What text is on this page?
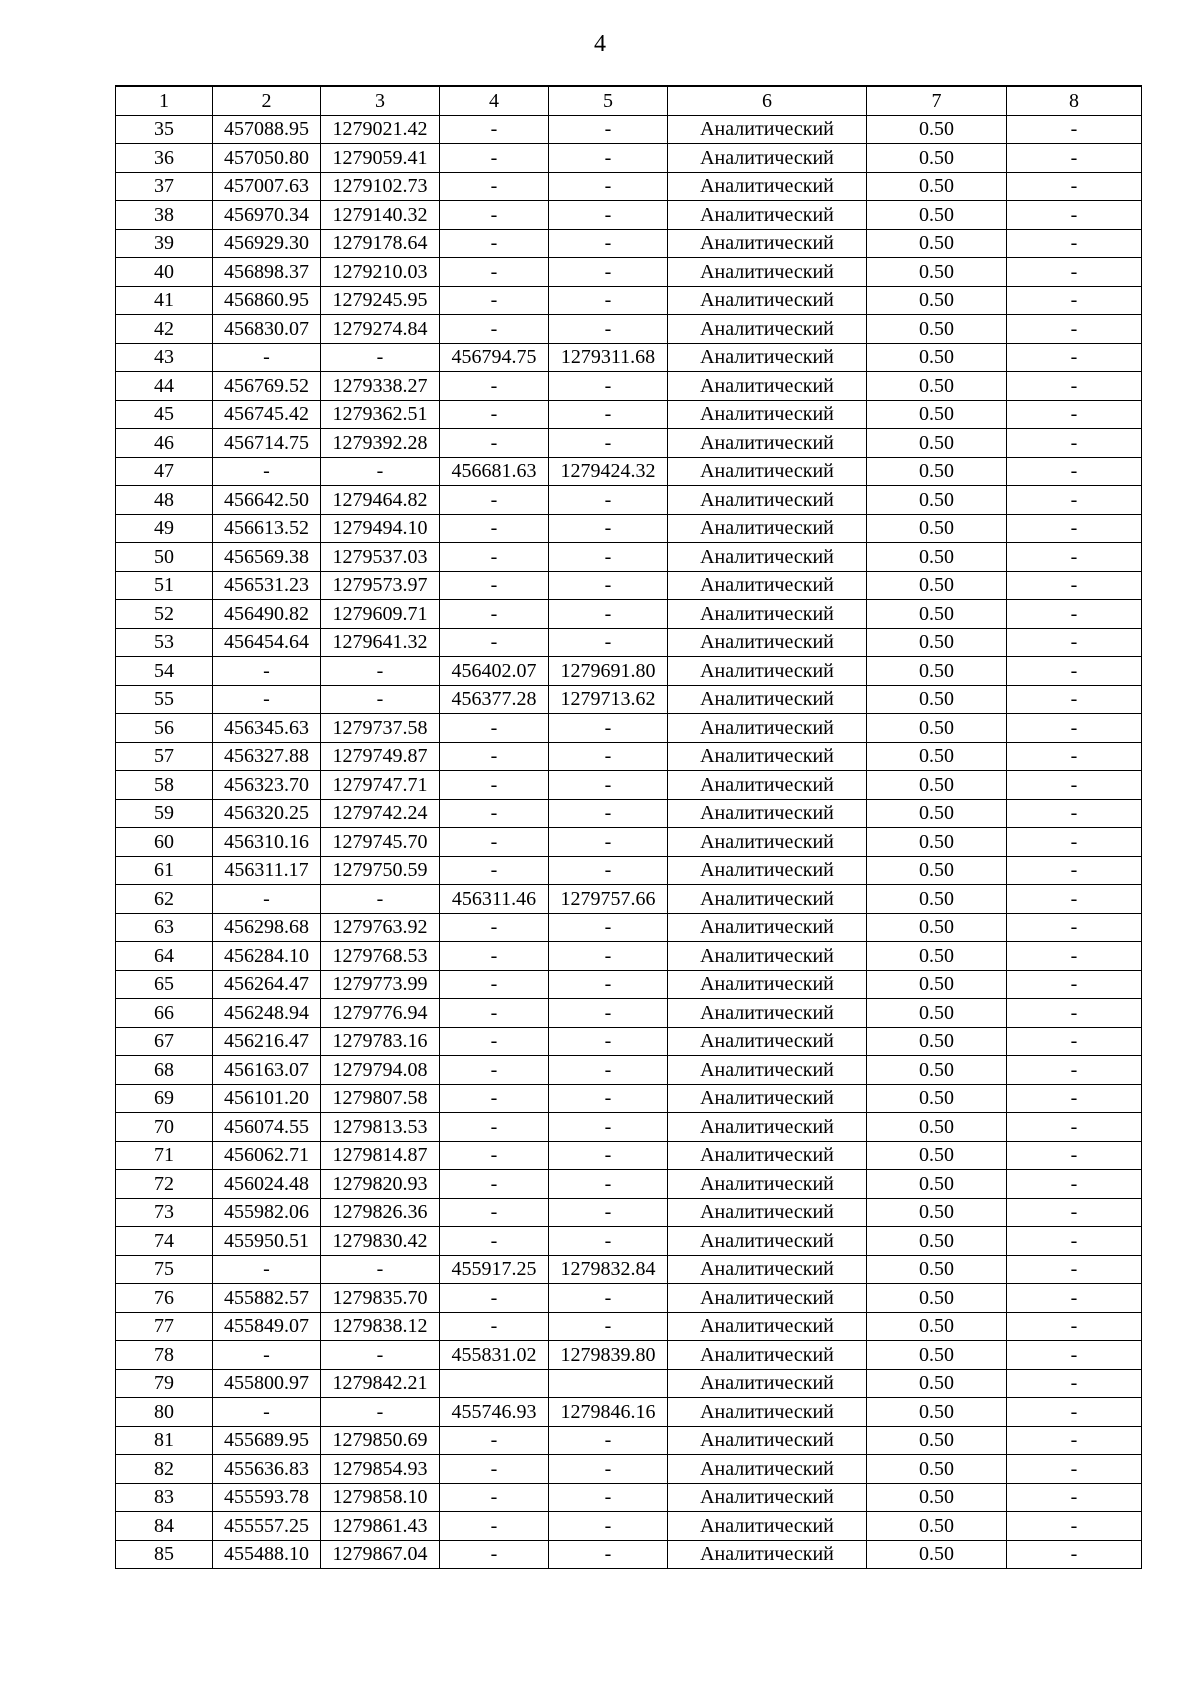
4
1	2	3	4	5	6	7	8
35	457088.95	1279021.42	-	-	Аналитический	0.50	-
36	457050.80	1279059.41	-	-	Аналитический	0.50	-
37	457007.63	1279102.73	-	-	Аналитический	0.50	-
38	456970.34	1279140.32	-	-	Аналитический	0.50	-
39	456929.30	1279178.64	-	-	Аналитический	0.50	-
40	456898.37	1279210.03	-	-	Аналитический	0.50	-
41	456860.95	1279245.95	-	-	Аналитический	0.50	-
42	456830.07	1279274.84	-	-	Аналитический	0.50	-
43	-	-	456794.75	1279311.68	Аналитический	0.50	-
44	456769.52	1279338.27	-	-	Аналитический	0.50	-
45	456745.42	1279362.51	-	-	Аналитический	0.50	-
46	456714.75	1279392.28	-	-	Аналитический	0.50	-
47	-	-	456681.63	1279424.32	Аналитический	0.50	-
48	456642.50	1279464.82	-	-	Аналитический	0.50	-
49	456613.52	1279494.10	-	-	Аналитический	0.50	-
50	456569.38	1279537.03	-	-	Аналитический	0.50	-
51	456531.23	1279573.97	-	-	Аналитический	0.50	-
52	456490.82	1279609.71	-	-	Аналитический	0.50	-
53	456454.64	1279641.32	-	-	Аналитический	0.50	-
54	-	-	456402.07	1279691.80	Аналитический	0.50	-
55	-	-	456377.28	1279713.62	Аналитический	0.50	-
56	456345.63	1279737.58	-	-	Аналитический	0.50	-
57	456327.88	1279749.87	-	-	Аналитический	0.50	-
58	456323.70	1279747.71	-	-	Аналитический	0.50	-
59	456320.25	1279742.24	-	-	Аналитический	0.50	-
60	456310.16	1279745.70	-	-	Аналитический	0.50	-
61	456311.17	1279750.59	-	-	Аналитический	0.50	-
62	-	-	456311.46	1279757.66	Аналитический	0.50	-
63	456298.68	1279763.92	-	-	Аналитический	0.50	-
64	456284.10	1279768.53	-	-	Аналитический	0.50	-
65	456264.47	1279773.99	-	-	Аналитический	0.50	-
66	456248.94	1279776.94	-	-	Аналитический	0.50	-
67	456216.47	1279783.16	-	-	Аналитический	0.50	-
68	456163.07	1279794.08	-	-	Аналитический	0.50	-
69	456101.20	1279807.58	-	-	Аналитический	0.50	-
70	456074.55	1279813.53	-	-	Аналитический	0.50	-
71	456062.71	1279814.87	-	-	Аналитический	0.50	-
72	456024.48	1279820.93	-	-	Аналитический	0.50	-
73	455982.06	1279826.36	-	-	Аналитический	0.50	-
74	455950.51	1279830.42	-	-	Аналитический	0.50	-
75	-	-	455917.25	1279832.84	Аналитический	0.50	-
76	455882.57	1279835.70	-	-	Аналитический	0.50	-
77	455849.07	1279838.12	-	-	Аналитический	0.50	-
78	-	-	455831.02	1279839.80	Аналитический	0.50	-
79	455800.97	1279842.21			Аналитический	0.50	-
80	-	-	455746.93	1279846.16	Аналитический	0.50	-
81	455689.95	1279850.69	-	-	Аналитический	0.50	-
82	455636.83	1279854.93	-	-	Аналитический	0.50	-
83	455593.78	1279858.10	-	-	Аналитический	0.50	-
84	455557.25	1279861.43	-	-	Аналитический	0.50	-
85	455488.10	1279867.04	-	-	Аналитический	0.50	-
